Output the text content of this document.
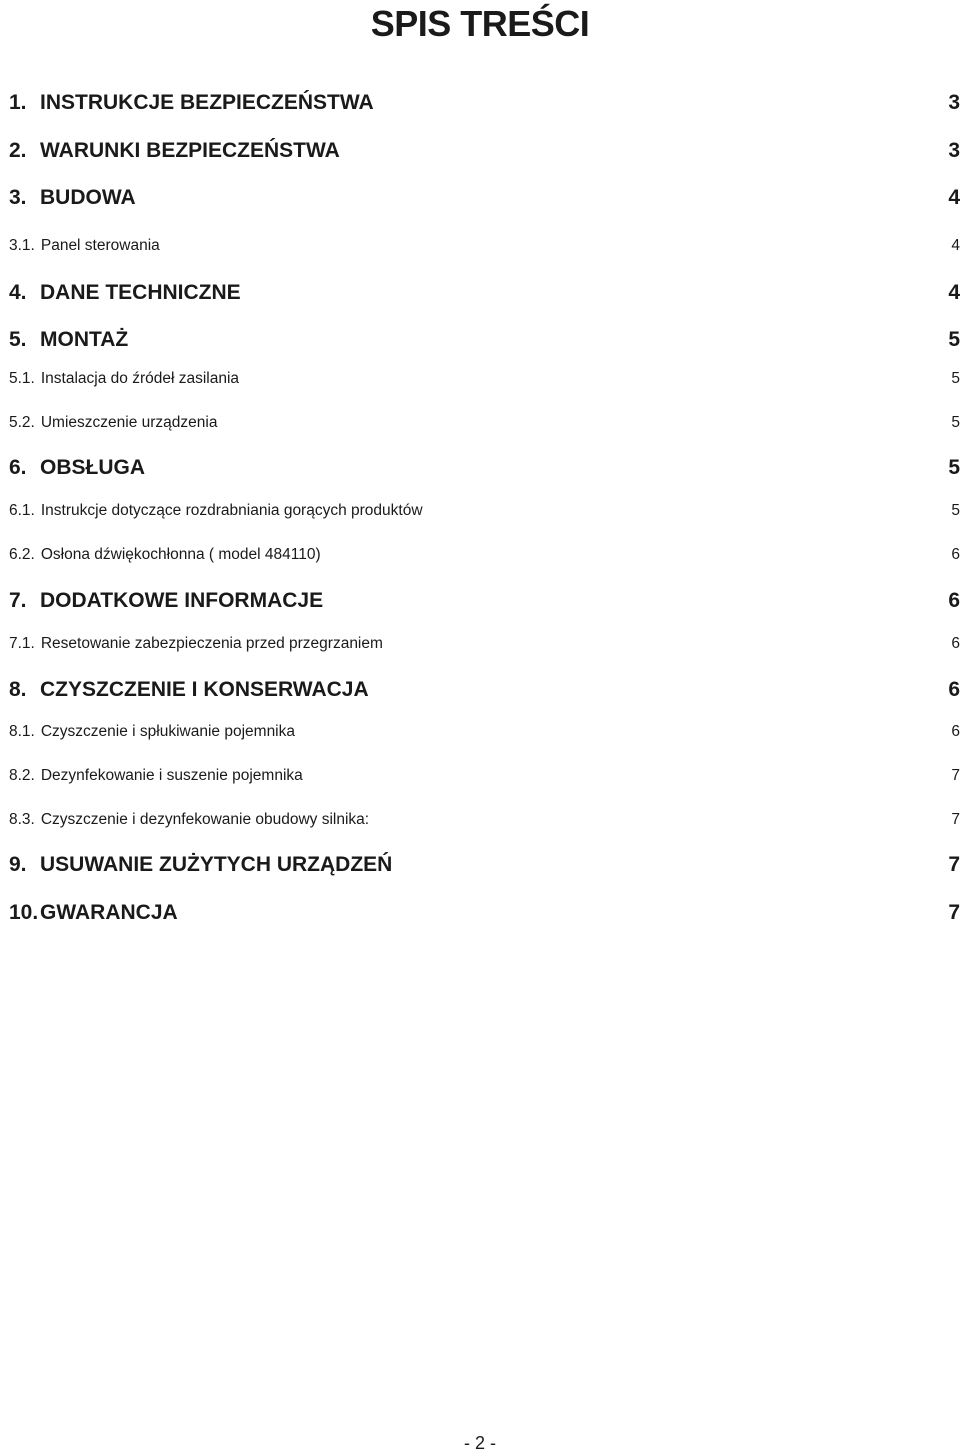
SPIS TREŚCI
1. INSTRUKCJE BEZPIECZEŃSTWA	3
2. WARUNKI BEZPIECZEŃSTWA	3
3. BUDOWA	4
3.1. Panel sterowania	4
4. DANE TECHNICZNE	4
5. MONTAŻ	5
5.1. Instalacja do źródeł zasilania	5
5.2. Umieszczenie urządzenia	5
6. OBSŁUGA	5
6.1. Instrukcje dotyczące rozdrabniania gorących produktów	5
6.2. Osłona dźwiękochłonna ( model 484110)	6
7. DODATKOWE INFORMACJE	6
7.1. Resetowanie zabezpieczenia przed przegrzaniem	6
8. CZYSZCZENIE I KONSERWACJA	6
8.1. Czyszczenie i spłukiwanie pojemnika	6
8.2. Dezynfekowanie i suszenie pojemnika	7
8.3. Czyszczenie i dezynfekowanie obudowy silnika:	7
9. USUWANIE ZUŻYTYCH URZĄDZEŃ	7
10. GWARANCJA	7
- 2 -
